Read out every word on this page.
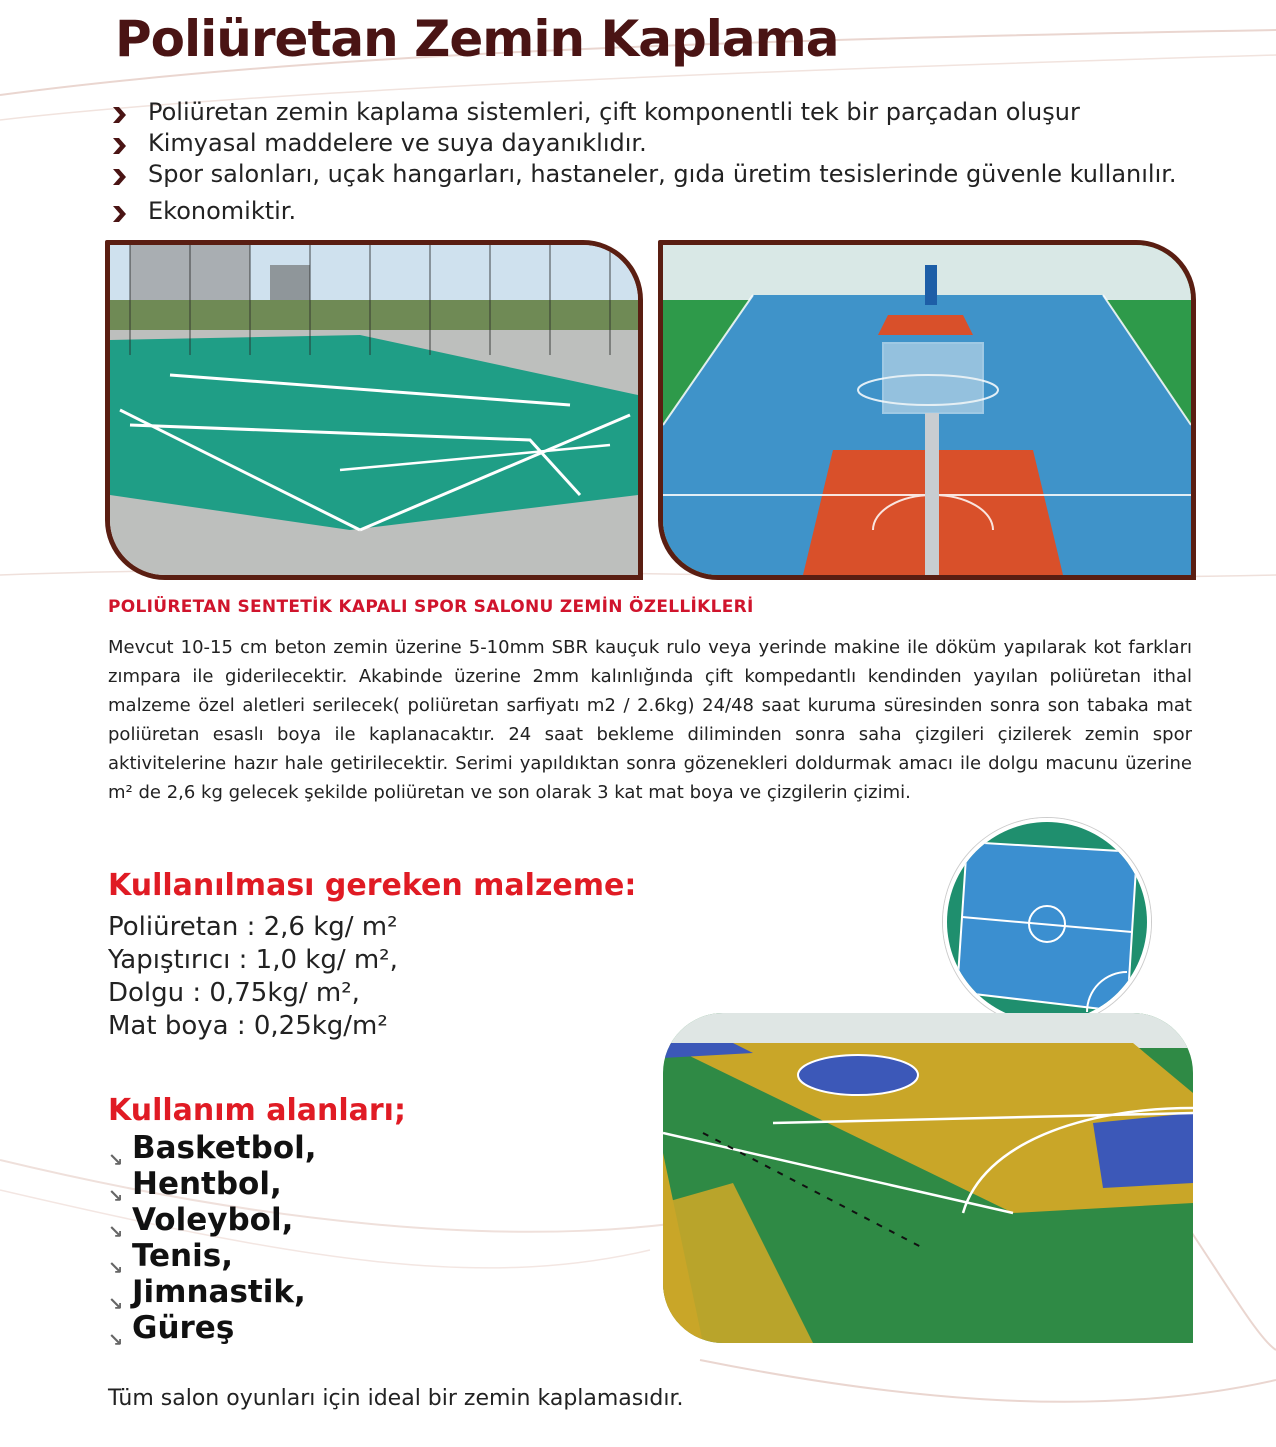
Poliüretan Zemin Kaplama
Poliüretan zemin kaplama sistemleri, çift komponentli tek bir parçadan oluşur
Kimyasal maddelere ve suya dayanıklıdır.
Spor salonları, uçak hangarları, hastaneler, gıda üretim tesislerinde güvenle kullanılır.
Ekonomiktir.
POLIÜRETAN SENTETİK KAPALI SPOR SALONU ZEMİN ÖZELLİKLERİ

Mevcut 10-15 cm beton zemin üzerine 5-10mm SBR kauçuk rulo veya yerinde makine ile döküm yapılarak kot farkları zımpara ile giderilecektir. Akabinde üzerine 2mm kalınlığında çift kompedantlı kendinden yayılan poliüretan ithal malzeme özel aletleri serilecek( poliüretan sarfiyatı m2 / 2.6kg) 24/48 saat kuruma süresinden sonra son tabaka mat poliüretan esaslı boya ile kaplanacaktır. 24 saat bekleme diliminden sonra saha çizgileri çizilerek zemin spor aktivitelerine hazır hale getirilecektir. Serimi yapıldıktan sonra gözenekleri doldurmak amacı ile dolgu macunu üzerine m² de 2,6 kg gelecek şekilde poliüretan ve son olarak 3 kat mat boya ve çizgilerin çizimi.

Kullanılması gereken malzeme:
Poliüretan : 2,6 kg/ m²
Yapıştırıcı : 1,0 kg/ m²,
Dolgu : 0,75kg/ m²,
Mat boya : 0,25kg/m²
Kullanım alanları;
↘ Basketbol,
↘ Hentbol,
↘ Voleybol,
↘ Tenis,
↘ Jimnastik,
↘ Güreş

Tüm salon oyunları için ideal bir zemin kaplamasıdır.
